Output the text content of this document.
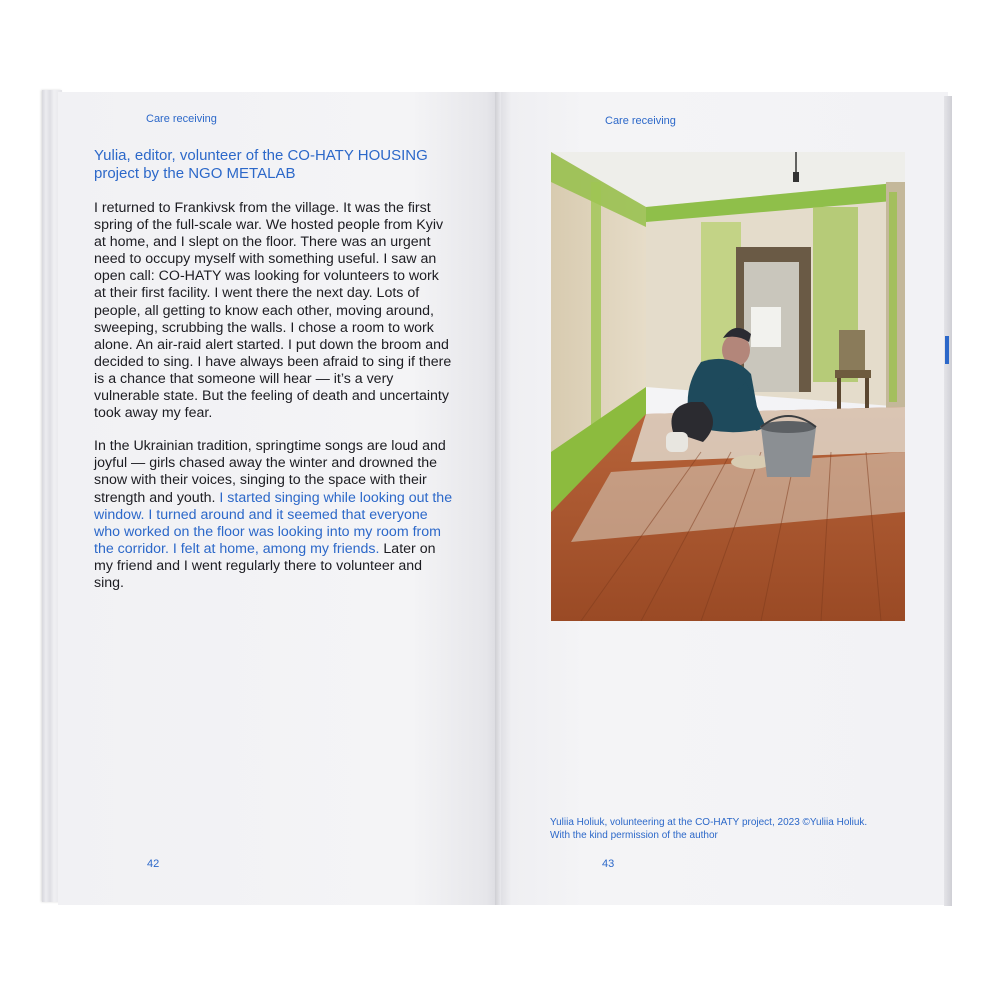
Care receiving
Yulia, editor, volunteer of the CO-HATY HOUSING project by the NGO METALAB

I returned to Frankivsk from the village. It was the first spring of the full-scale war. We hosted people from Kyiv at home, and I slept on the floor. There was an urgent need to occupy myself with something useful. I saw an open call: CO-HATY was looking for volunteers to work at their first facility. I went there the next day. Lots of people, all getting to know each other, moving around, sweeping, scrubbing the walls. I chose a room to work alone. An air-raid alert started. I put down the broom and decided to sing. I have always been afraid to sing if there is a chance that someone will hear — it’s a very vulnerable state. But the feeling of death and uncertainty took away my fear.

In the Ukrainian tradition, springtime songs are loud and joyful — girls chased away the winter and drowned the snow with their voices, singing to the space with their strength and youth. I started singing while looking out the window. I turned around and it seemed that everyone who worked on the floor was looking into my room from the corridor. I felt at home, among my friends. Later on my friend and I went regularly there to volunteer and sing.

42
Care receiving
Yuliia Holiuk, volunteering at the CO-HATY project, 2023 ©Yuliia Holiuk.
With the kind permission of the author
43
